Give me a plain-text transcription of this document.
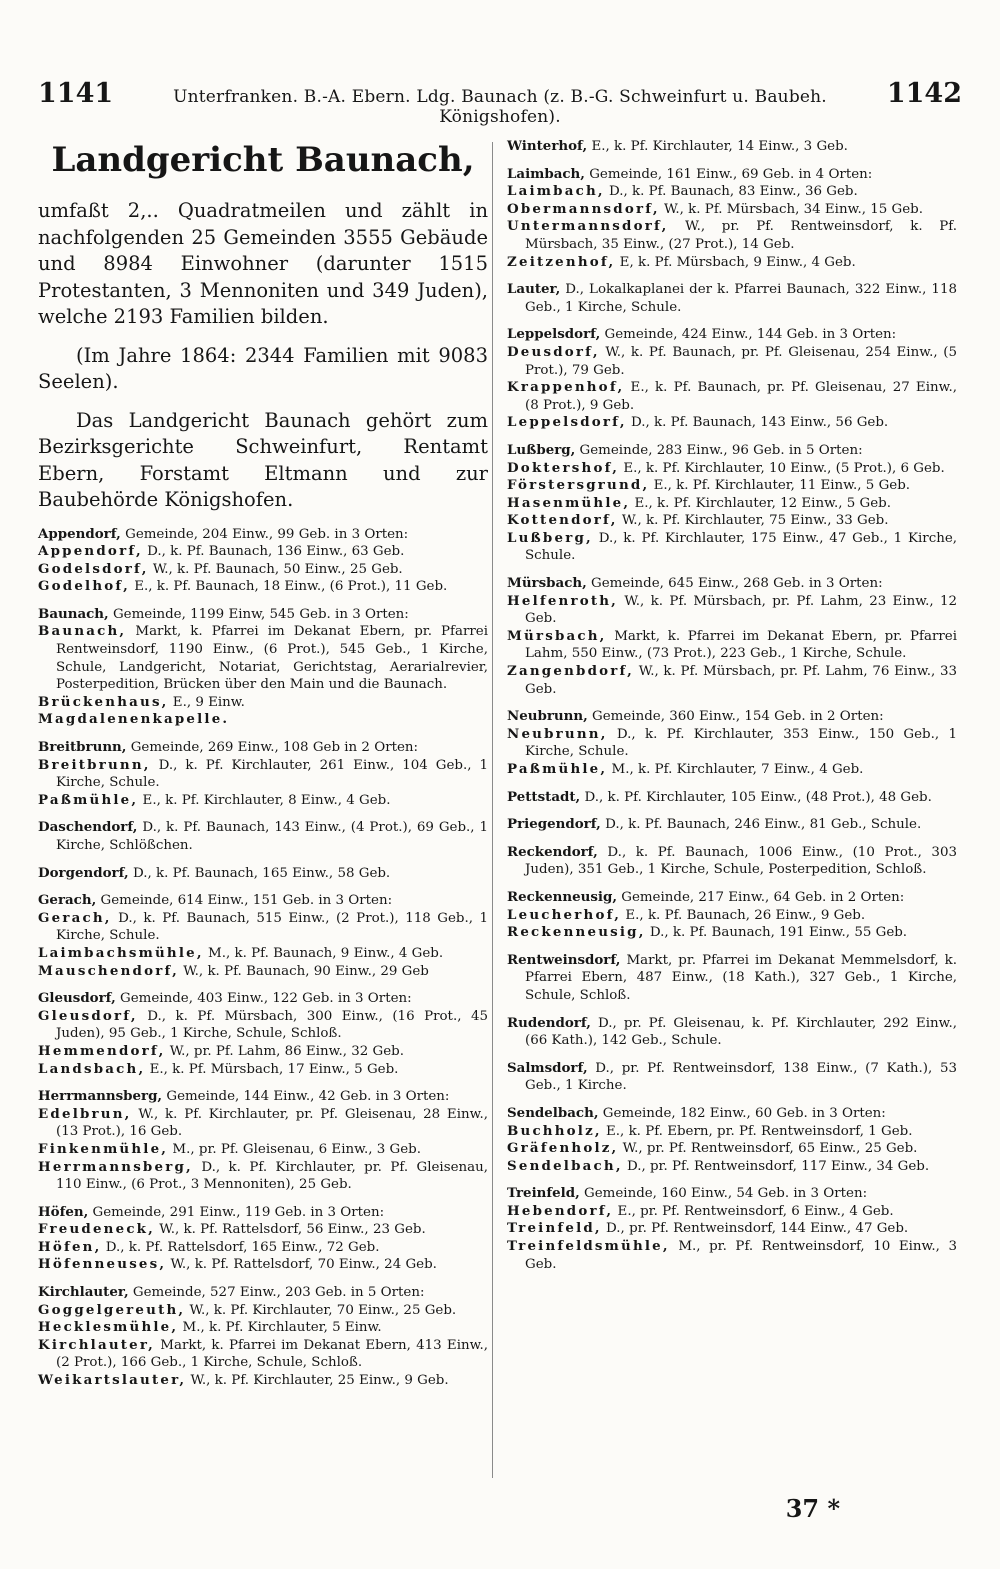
1141	Unterfranken. B.-A. Ebern. Ldg. Baunach (z. B.-G. Schweinfurt u. Baubeh. Königshofen).
1142
Landgericht Baunach,

umfaßt 2,.. Quadratmeilen und zählt in nachfolgenden 25 Gemeinden 3555 Gebäude und 8984 Einwohner (darunter 1515 Protestanten, 3 Mennoniten und 349 Juden), welche 2193 Familien bilden.

(Im Jahre 1864: 2344 Familien mit 9083 Seelen).

Das Landgericht Baunach gehört zum Bezirksgerichte Schweinfurt, Rentamt Ebern, Forstamt Eltmann und zur Baubehörde Königshofen.

Appendorf, Gemeinde, 204 Einw., 99 Geb. in 3 Orten:

Appendorf, D., k. Pf. Baunach, 136 Einw., 63 Geb.

Godelsdorf, W., k. Pf. Baunach, 50 Einw., 25 Geb.

Godelhof, E., k. Pf. Baunach, 18 Einw., (6 Prot.), 11 Geb.

Baunach, Gemeinde, 1199 Einw, 545 Geb. in 3 Orten:

Baunach, Markt, k. Pfarrei im Dekanat Ebern, pr. Pfarrei Rentweinsdorf, 1190 Einw., (6 Prot.), 545 Geb., 1 Kirche, Schule, Landgericht, Notariat, Gerichtstag, Aerarialrevier, Posterpedition, Brücken über den Main und die Baunach.

Brückenhaus, E., 9 Einw.

Magdalenenkapelle.

Breitbrunn, Gemeinde, 269 Einw., 108 Geb in 2 Orten:

Breitbrunn, D., k. Pf. Kirchlauter, 261 Einw., 104 Geb., 1 Kirche, Schule.

Paßmühle, E., k. Pf. Kirchlauter, 8 Einw., 4 Geb.

Daschendorf, D., k. Pf. Baunach, 143 Einw., (4 Prot.), 69 Geb., 1 Kirche, Schlößchen.

Dorgendorf, D., k. Pf. Baunach, 165 Einw., 58 Geb.

Gerach, Gemeinde, 614 Einw., 151 Geb. in 3 Orten:

Gerach, D., k. Pf. Baunach, 515 Einw., (2 Prot.), 118 Geb., 1 Kirche, Schule.

Laimbachsmühle, M., k. Pf. Baunach, 9 Einw., 4 Geb.

Mauschendorf, W., k. Pf. Baunach, 90 Einw., 29 Geb

Gleusdorf, Gemeinde, 403 Einw., 122 Geb. in 3 Orten:

Gleusdorf, D., k. Pf. Mürsbach, 300 Einw., (16 Prot., 45 Juden), 95 Geb., 1 Kirche, Schule, Schloß.

Hemmendorf, W., pr. Pf. Lahm, 86 Einw., 32 Geb.

Landsbach, E., k. Pf. Mürsbach, 17 Einw., 5 Geb.

Herrmannsberg, Gemeinde, 144 Einw., 42 Geb. in 3 Orten:

Edelbrun, W., k. Pf. Kirchlauter, pr. Pf. Gleisenau, 28 Einw., (13 Prot.), 16 Geb.

Finkenmühle, M., pr. Pf. Gleisenau, 6 Einw., 3 Geb.

Herrmannsberg, D., k. Pf. Kirchlauter, pr. Pf. Gleisenau, 110 Einw., (6 Prot., 3 Mennoniten), 25 Geb.

Höfen, Gemeinde, 291 Einw., 119 Geb. in 3 Orten:

Freudeneck, W., k. Pf. Rattelsdorf, 56 Einw., 23 Geb.

Höfen, D., k. Pf. Rattelsdorf, 165 Einw., 72 Geb.

Höfenneuses, W., k. Pf. Rattelsdorf, 70 Einw., 24 Geb.

Kirchlauter, Gemeinde, 527 Einw., 203 Geb. in 5 Orten:

Goggelgereuth, W., k. Pf. Kirchlauter, 70 Einw., 25 Geb.

Hecklesmühle, M., k. Pf. Kirchlauter, 5 Einw.

Kirchlauter, Markt, k. Pfarrei im Dekanat Ebern, 413 Einw., (2 Prot.), 166 Geb., 1 Kirche, Schule, Schloß.

Weikartslauter, W., k. Pf. Kirchlauter, 25 Einw., 9 Geb.

Winterhof, E., k. Pf. Kirchlauter, 14 Einw., 3 Geb.

Laimbach, Gemeinde, 161 Einw., 69 Geb. in 4 Orten:

Laimbach, D., k. Pf. Baunach, 83 Einw., 36 Geb.

Obermannsdorf, W., k. Pf. Mürsbach, 34 Einw., 15 Geb.

Untermannsdorf, W., pr. Pf. Rentweinsdorf, k. Pf. Mürsbach, 35 Einw., (27 Prot.), 14 Geb.

Zeitzenhof, E, k. Pf. Mürsbach, 9 Einw., 4 Geb.

Lauter, D., Lokalkaplanei der k. Pfarrei Baunach, 322 Einw., 118 Geb., 1 Kirche, Schule.

Leppelsdorf, Gemeinde, 424 Einw., 144 Geb. in 3 Orten:

Deusdorf, W., k. Pf. Baunach, pr. Pf. Gleisenau, 254 Einw., (5 Prot.), 79 Geb.

Krappenhof, E., k. Pf. Baunach, pr. Pf. Gleisenau, 27 Einw., (8 Prot.), 9 Geb.

Leppelsdorf, D., k. Pf. Baunach, 143 Einw., 56 Geb.

Lußberg, Gemeinde, 283 Einw., 96 Geb. in 5 Orten:

Doktershof, E., k. Pf. Kirchlauter, 10 Einw., (5 Prot.), 6 Geb.

Förstersgrund, E., k. Pf. Kirchlauter, 11 Einw., 5 Geb.

Hasenmühle, E., k. Pf. Kirchlauter, 12 Einw., 5 Geb.

Kottendorf, W., k. Pf. Kirchlauter, 75 Einw., 33 Geb.

Lußberg, D., k. Pf. Kirchlauter, 175 Einw., 47 Geb., 1 Kirche, Schule.

Mürsbach, Gemeinde, 645 Einw., 268 Geb. in 3 Orten:

Helfenroth, W., k. Pf. Mürsbach, pr. Pf. Lahm, 23 Einw., 12 Geb.

Mürsbach, Markt, k. Pfarrei im Dekanat Ebern, pr. Pfarrei Lahm, 550 Einw., (73 Prot.), 223 Geb., 1 Kirche, Schule.

Zangenbdorf, W., k. Pf. Mürsbach, pr. Pf. Lahm, 76 Einw., 33 Geb.

Neubrunn, Gemeinde, 360 Einw., 154 Geb. in 2 Orten:

Neubrunn, D., k. Pf. Kirchlauter, 353 Einw., 150 Geb., 1 Kirche, Schule.

Paßmühle, M., k. Pf. Kirchlauter, 7 Einw., 4 Geb.

Pettstadt, D., k. Pf. Kirchlauter, 105 Einw., (48 Prot.), 48 Geb.

Priegendorf, D., k. Pf. Baunach, 246 Einw., 81 Geb., Schule.

Reckendorf, D., k. Pf. Baunach, 1006 Einw., (10 Prot., 303 Juden), 351 Geb., 1 Kirche, Schule, Posterpedition, Schloß.

Reckenneusig, Gemeinde, 217 Einw., 64 Geb. in 2 Orten:

Leucherhof, E., k. Pf. Baunach, 26 Einw., 9 Geb.

Reckenneusig, D., k. Pf. Baunach, 191 Einw., 55 Geb.

Rentweinsdorf, Markt, pr. Pfarrei im Dekanat Memmelsdorf, k. Pfarrei Ebern, 487 Einw., (18 Kath.), 327 Geb., 1 Kirche, Schule, Schloß.

Rudendorf, D., pr. Pf. Gleisenau, k. Pf. Kirchlauter, 292 Einw., (66 Kath.), 142 Geb., Schule.

Salmsdorf, D., pr. Pf. Rentweinsdorf, 138 Einw., (7 Kath.), 53 Geb., 1 Kirche.

Sendelbach, Gemeinde, 182 Einw., 60 Geb. in 3 Orten:

Buchholz, E., k. Pf. Ebern, pr. Pf. Rentweinsdorf, 1 Geb.

Gräfenholz, W., pr. Pf. Rentweinsdorf, 65 Einw., 25 Geb.

Sendelbach, D., pr. Pf. Rentweinsdorf, 117 Einw., 34 Geb.

Treinfeld, Gemeinde, 160 Einw., 54 Geb. in 3 Orten:

Hebendorf, E., pr. Pf. Rentweinsdorf, 6 Einw., 4 Geb.

Treinfeld, D., pr. Pf. Rentweinsdorf, 144 Einw., 47 Geb.

Treinfeldsmühle, M., pr. Pf. Rentweinsdorf, 10 Einw., 3 Geb.

37 *
